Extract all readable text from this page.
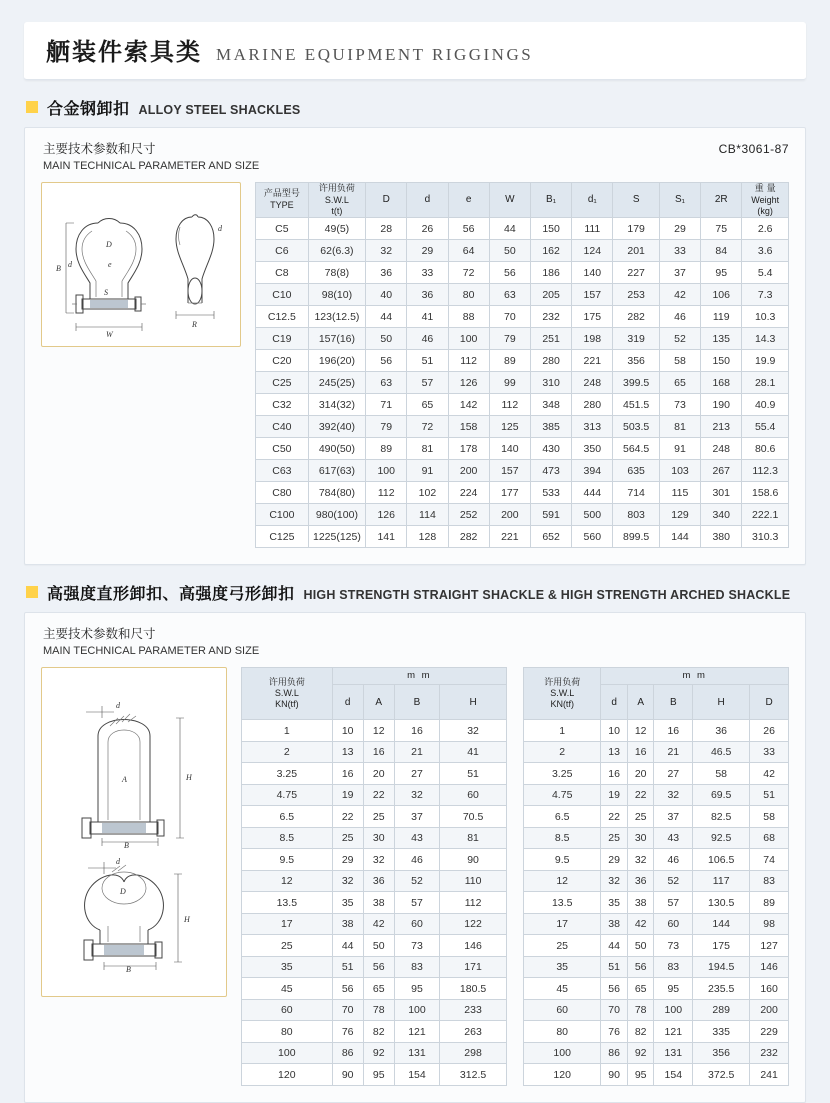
舾装件索具类 MARINE EQUIPMENT RIGGINGS
合金钢卸扣 ALLOY STEEL SHACKLES
CB*3061-87
主要技术参数和尺寸
MAIN TECHNICAL PARAMETER AND SIZE
D
e
d
S
B
W
R
d
产品型号
TYPE	许用负荷
S.W.L
t(t)	D	d	e	W	B₁	d₁	S	S₁	2R	重 量
Weight
(kg)

C5	49(5)	28	26	56	44	150	111	179	29	75	2.6
C6	62(6.3)	32	29	64	50	162	124	201	33	84	3.6
C8	78(8)	36	33	72	56	186	140	227	37	95	5.4
C10	98(10)	40	36	80	63	205	157	253	42	106	7.3
C12.5	123(12.5)	44	41	88	70	232	175	282	46	119	10.3
C19	157(16)	50	46	100	79	251	198	319	52	135	14.3
C20	196(20)	56	51	112	89	280	221	356	58	150	19.9
C25	245(25)	63	57	126	99	310	248	399.5	65	168	28.1
C32	314(32)	71	65	142	112	348	280	451.5	73	190	40.9
C40	392(40)	79	72	158	125	385	313	503.5	81	213	55.4
C50	490(50)	89	81	178	140	430	350	564.5	91	248	80.6
C63	617(63)	100	91	200	157	473	394	635	103	267	112.3
C80	784(80)	112	102	224	177	533	444	714	115	301	158.6
C100	980(100)	126	114	252	200	591	500	803	129	340	222.1
C125	1225(125)	141	128	282	221	652	560	899.5	144	380	310.3
高强度直形卸扣、高强度弓形卸扣 HIGH STRENGTH STRAIGHT SHACKLE & HIGH STRENGTH ARCHED SHACKLE
主要技术参数和尺寸
MAIN TECHNICAL PARAMETER AND SIZE
d
A
B
H
d
D
B
H
许用负荷
S.W.L
KN(tf)	m m			
	d	A	B	H
1	10	12	16	32
2	13	16	21	41
3.25	16	20	27	51
4.75	19	22	32	60
6.5	22	25	37	70.5
8.5	25	30	43	81
9.5	29	32	46	90
12	32	36	52	110
13.5	35	38	57	112
17	38	42	60	122
25	44	50	73	146
35	51	56	83	171
45	56	65	95	180.5
60	70	78	100	233
80	76	82	121	263
100	86	92	131	298
120	90	95	154	312.5
许用负荷
S.W.L
KN(tf)	m m				
	d	A	B	H	D
1	10	12	16	36	26
2	13	16	21	46.5	33
3.25	16	20	27	58	42
4.75	19	22	32	69.5	51
6.5	22	25	37	82.5	58
8.5	25	30	43	92.5	68
9.5	29	32	46	106.5	74
12	32	36	52	117	83
13.5	35	38	57	130.5	89
17	38	42	60	144	98
25	44	50	73	175	127
35	51	56	83	194.5	146
45	56	65	95	235.5	160
60	70	78	100	289	200
80	76	82	121	335	229
100	86	92	131	356	232
120	90	95	154	372.5	241
